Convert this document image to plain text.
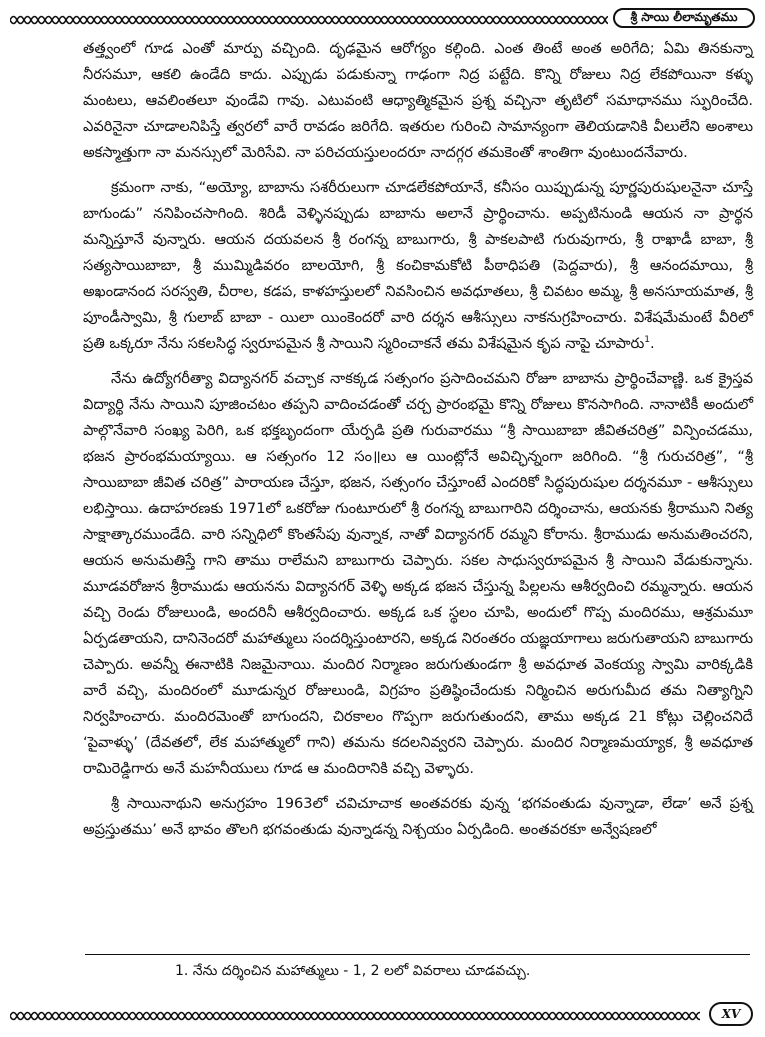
శ్రీ సాయి లీలామృతము

తత్త్వంలో గూడ ఎంతో మార్పు వచ్చింది. దృఢమైన ఆరోగ్యం కల్గింది. ఎంత తింటే అంత అరిగేది; ఏమి తినకున్నా నీరసమూ, ఆకలి ఉండేది కాదు. ఎప్పుడు పడుకున్నా గాఢంగా నిద్ర పట్టేది. కొన్ని రోజులు నిద్ర లేకపోయినా కళ్ళు మంటలు, ఆవలింతలూ వుండేవి గావు. ఎటువంటి ఆధ్యాత్మికమైన ప్రశ్న వచ్చినా తృటిలో సమాధానము స్ఫురించేది. ఎవరినైనా చూడాలనిపిస్తే త్వరలో వారే రావడం జరిగేది. ఇతరుల గురించి సామాన్యంగా తెలియడానికి వీలులేని అంశాలు అకస్మాత్తుగా నా మనస్సులో మెరిసేవి. నా పరిచయస్తులందరూ నాదగ్గర తమకెంతో శాంతిగా వుంటుందనేవారు.

క్రమంగా నాకు, “అయ్యో, బాబాను సశరీరులుగా చూడలేకపోయానే, కనీసం యిప్పుడున్న పూర్ణపురుషులనైనా చూస్తే బాగుండు” ననిపించసాగింది. శిరిడీ వెళ్ళినప్పుడు బాబాను అలానే ప్రార్థించాను. అప్పటినుండి ఆయన నా ప్రార్థన మన్నిస్తూనే వున్నారు. ఆయన దయవలన శ్రీ రంగన్న బాబుగారు, శ్రీ పాకలపాటి గురువుగారు, శ్రీ రాఖాడీ బాబా, శ్రీ సత్యసాయిబాబా, శ్రీ ముమ్మిడివరం బాలయోగి, శ్రీ కంచికామకోటి పీఠాధిపతి (పెద్దవారు), శ్రీ ఆనందమాయి, శ్రీ అఖండానంద సరస్వతి, చీరాల, కడప, కాళహస్తులలో నివసించిన అవధూతలు, శ్రీ చివటం అమ్మ, శ్రీ అనసూయమాత, శ్రీ పూండీస్వామి, శ్రీ గులాబ్ బాబా - యిలా యింకెందరో వారి దర్శన ఆశీస్సులు నాకనుగ్రహించారు. విశేషమేమంటే వీరిలో ప్రతి ఒక్కరూ నేను సకలసిద్ధ స్వరూపమైన శ్రీ సాయిని స్మరించాకనే తమ విశేషమైన కృప నాపై చూపారు$^1$.

నేను ఉద్యోగరీత్యా విద్యానగర్ వచ్చాక నాకక్కడ సత్సంగం ప్రసాదించమని రోజూ బాబాను ప్రార్థించేవాణ్ణి. ఒక క్రైస్తవ విద్యార్థి నేను సాయిని పూజించటం తప్పని వాదించడంతో చర్చ ప్రారంభమై కొన్ని రోజులు కొనసాగింది. నానాటికీ అందులో పాల్గొనేవారి సంఖ్య పెరిగి, ఒక భక్తబృందంగా యేర్పడి ప్రతి గురువారము “శ్రీ సాయిబాబా జీవితచరిత్ర” విన్పించడము, భజన ప్రారంభమయ్యాయి. ఆ సత్సంగం 12 సం॥లు ఆ యింట్లోనే అవిచ్ఛిన్నంగా జరిగింది. “శ్రీ గురుచరిత్ర”, “శ్రీ సాయిబాబా జీవిత చరిత్ర” పారాయణ చేస్తూ, భజన, సత్సంగం చేస్తూంటే ఎందరికో సిద్ధపురుషుల దర్శనమూ - ఆశీస్సులు లభిస్తాయి. ఉదాహరణకు 1971లో ఒకరోజు గుంటూరులో శ్రీ రంగన్న బాబుగారిని దర్శించాను, ఆయనకు శ్రీరాముని నిత్య సాక్షాత్కారముండేది. వారి సన్నిధిలో కొంతసేపు వున్నాక, నాతో విద్యానగర్ రమ్మని కోరాను. శ్రీరాముడు అనుమతించరని, ఆయన అనుమతిస్తే గాని తాము రాలేమని బాబుగారు చెప్పారు. సకల సాధుస్వరూపమైన శ్రీ సాయిని వేడుకున్నాను. మూడవరోజున శ్రీరాముడు ఆయనను విద్యానగర్ వెళ్ళి అక్కడ భజన చేస్తున్న పిల్లలను ఆశీర్వదించి రమ్మన్నారు. ఆయన వచ్చి రెండు రోజులుండి, అందరినీ ఆశీర్వదించారు. అక్కడ ఒక స్థలం చూపి, అందులో గొప్ప మందిరము, ఆశ్రమమూ ఏర్పడతాయని, దానినెందరో మహాత్ములు సందర్శిస్తుంటారని, అక్కడ నిరంతరం యజ్ఞయాగాలు జరుగుతాయని బాబుగారు చెప్పారు. అవన్నీ ఈనాటికి నిజమైనాయి. మందిర నిర్మాణం జరుగుతుండగా శ్రీ అవధూత వెంకయ్య స్వామి వారిక్కడికి వారే వచ్చి, మందిరంలో మూడున్నర రోజులుండి, విగ్రహం ప్రతిష్ఠించేందుకు నిర్మించిన అరుగుమీద తమ నిత్యాగ్నిని నిర్వహించారు. మందిరమెంతో బాగుందని, చిరకాలం గొప్పగా జరుగుతుందని, తాము అక్కడ 21 కోట్లు చెల్లించనిదే ‘పైవాళ్ళు’ (దేవతలో, లేక మహాత్ములో గాని) తమను కదలనివ్వరని చెప్పారు. మందిర నిర్మాణమయ్యాక, శ్రీ అవధూత రామిరెడ్డిగారు అనే మహనీయులు గూడ ఆ మందిరానికి వచ్చి వెళ్ళారు.

శ్రీ సాయినాథుని అనుగ్రహం 1963లో చవిచూచాక అంతవరకు వున్న ‘భగవంతుడు వున్నాడా, లేడా’ అనే ప్రశ్న అప్రస్తుతము’ అనే భావం తొలగి భగవంతుడు వున్నాడన్న నిశ్చయం ఏర్పడింది. అంతవరకూ అన్వేషణలో

1. నేను దర్శించిన మహాత్ములు - 1, 2 లలో వివరాలు చూడవచ్చు.
XV
